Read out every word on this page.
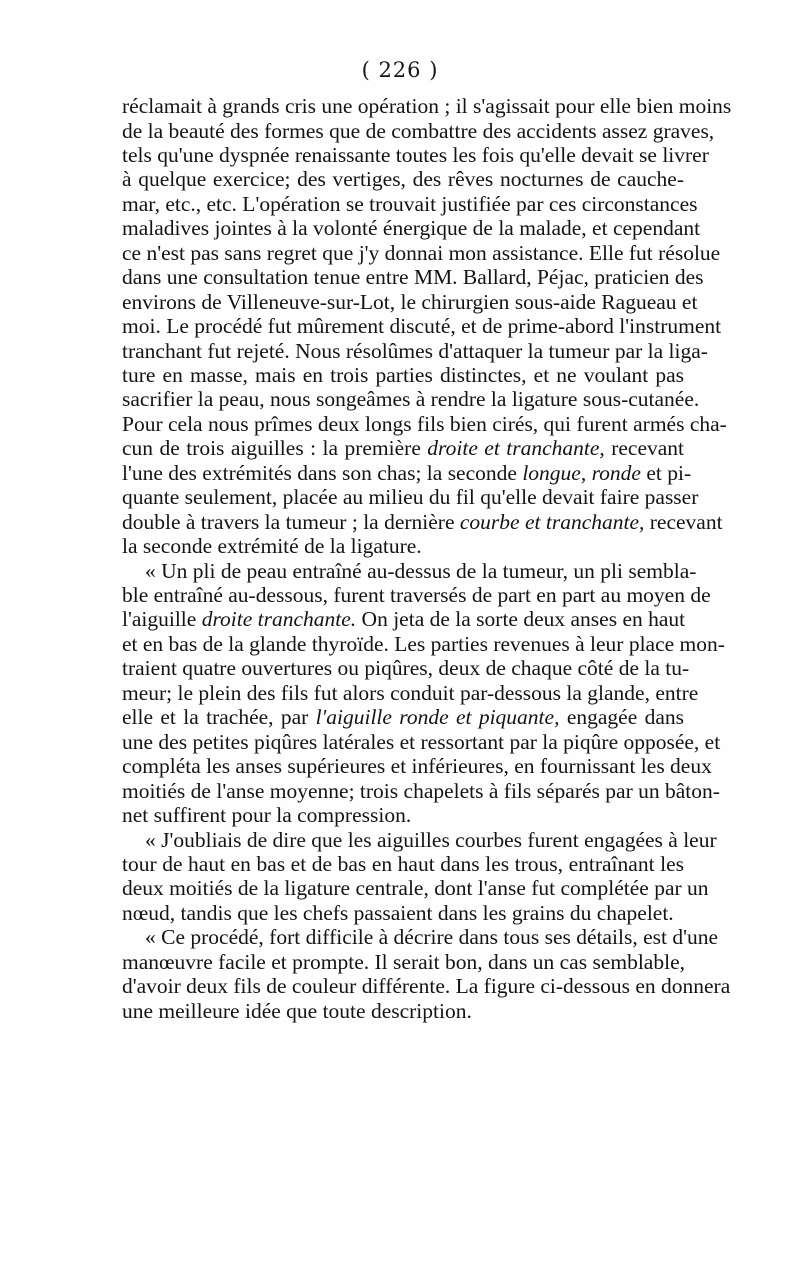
( 226 )
réclamait à grands cris une opération ; il s'agissait pour elle bien moins
de la beauté des formes que de combattre des accidents assez graves,
tels qu'une dyspnée renaissante toutes les fois qu'elle devait se livrer
à quelque exercice; des vertiges, des rêves nocturnes de cauche-
mar, etc., etc. L'opération se trouvait justifiée par ces circonstances
maladives jointes à la volonté énergique de la malade, et cependant
ce n'est pas sans regret que j'y donnai mon assistance. Elle fut résolue
dans une consultation tenue entre MM. Ballard, Péjac, praticien des
environs de Villeneuve-sur-Lot, le chirurgien sous-aide Ragueau et
moi. Le procédé fut mûrement discuté, et de prime-abord l'instrument
tranchant fut rejeté. Nous résolûmes d'attaquer la tumeur par la liga-
ture en masse, mais en trois parties distinctes, et ne voulant pas
sacrifier la peau, nous songeâmes à rendre la ligature sous-cutanée.
Pour cela nous prîmes deux longs fils bien cirés, qui furent armés cha-
cun de trois aiguilles : la première droite et tranchante, recevant
l'une des extrémités dans son chas; la seconde longue, ronde et pi-
quante seulement, placée au milieu du fil qu'elle devait faire passer
double à travers la tumeur ; la dernière courbe et tranchante, recevant
la seconde extrémité de la ligature.
« Un pli de peau entraîné au-dessus de la tumeur, un pli sembla-
ble entraîné au-dessous, furent traversés de part en part au moyen de
l'aiguille droite tranchante. On jeta de la sorte deux anses en haut
et en bas de la glande thyroïde. Les parties revenues à leur place mon-
traient quatre ouvertures ou piqûres, deux de chaque côté de la tu-
meur; le plein des fils fut alors conduit par-dessous la glande, entre
elle et la trachée, par l'aiguille ronde et piquante, engagée dans
une des petites piqûres latérales et ressortant par la piqûre opposée, et
compléta les anses supérieures et inférieures, en fournissant les deux
moitiés de l'anse moyenne; trois chapelets à fils séparés par un bâton-
net suffirent pour la compression.
« J'oubliais de dire que les aiguilles courbes furent engagées à leur
tour de haut en bas et de bas en haut dans les trous, entraînant les
deux moitiés de la ligature centrale, dont l'anse fut complétée par un
nœud, tandis que les chefs passaient dans les grains du chapelet.
« Ce procédé, fort difficile à décrire dans tous ses détails, est d'une
manœuvre facile et prompte. Il serait bon, dans un cas semblable,
d'avoir deux fils de couleur différente. La figure ci-dessous en donnera
une meilleure idée que toute description.
